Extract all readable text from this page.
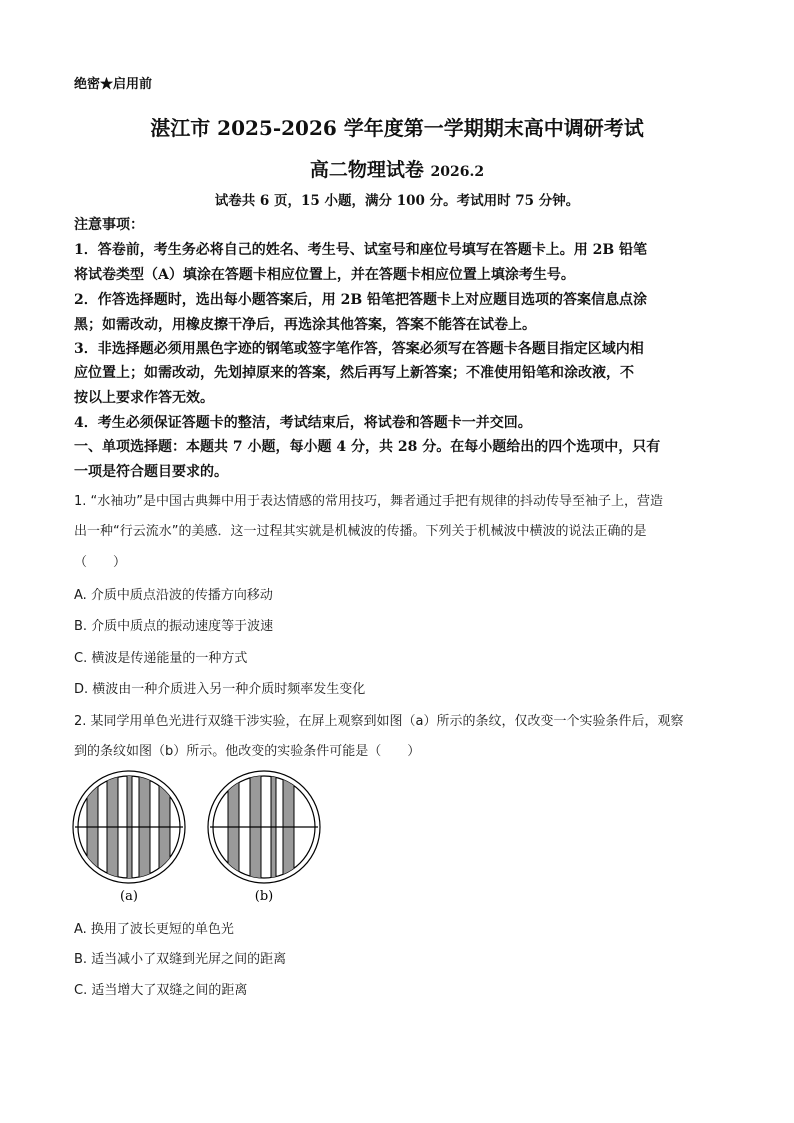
绝密★启用前
湛江市 2025-2026 学年度第一学期期末高中调研考试
高二物理试卷 2026.2
试卷共 6 页，15 小题，满分 100 分。考试用时 75 分钟。
注意事项：
1．答卷前，考生务必将自己的姓名、考生号、试室号和座位号填写在答题卡上。用 2B 铅笔
将试卷类型（A）填涂在答题卡相应位置上，并在答题卡相应位置上填涂考生号。
2．作答选择题时，选出每小题答案后，用 2B 铅笔把答题卡上对应题目选项的答案信息点涂
黑；如需改动，用橡皮擦干净后，再选涂其他答案，答案不能答在试卷上。
3．非选择题必须用黑色字迹的钢笔或签字笔作答，答案必须写在答题卡各题目指定区域内相
应位置上；如需改动，先划掉原来的答案，然后再写上新答案；不准使用铅笔和涂改液，不
按以上要求作答无效。
4．考生必须保证答题卡的整洁，考试结束后，将试卷和答题卡一并交回。
一、单项选择题：本题共 7 小题，每小题 4 分，共 28 分。在每小题给出的四个选项中，只有
一项是符合题目要求的。
1. “水袖功”是中国古典舞中用于表达情感的常用技巧，舞者通过手把有规律的抖动传导至袖子上，营造
出一种“行云流水”的美感．这一过程其实就是机械波的传播。下列关于机械波中横波的说法正确的是
（　　）
A. 介质中质点沿波的传播方向移动
B. 介质中质点的振动速度等于波速
C. 横波是传递能量的一种方式
D. 横波由一种介质进入另一种介质时频率发生变化
2. 某同学用单色光进行双缝干涉实验，在屏上观察到如图（a）所示的条纹，仅改变一个实验条件后，观察
到的条纹如图（b）所示。他改变的实验条件可能是（　　）
(a)	(b)
A. 换用了波长更短的单色光
B. 适当减小了双缝到光屏之间的距离
C. 适当增大了双缝之间的距离
